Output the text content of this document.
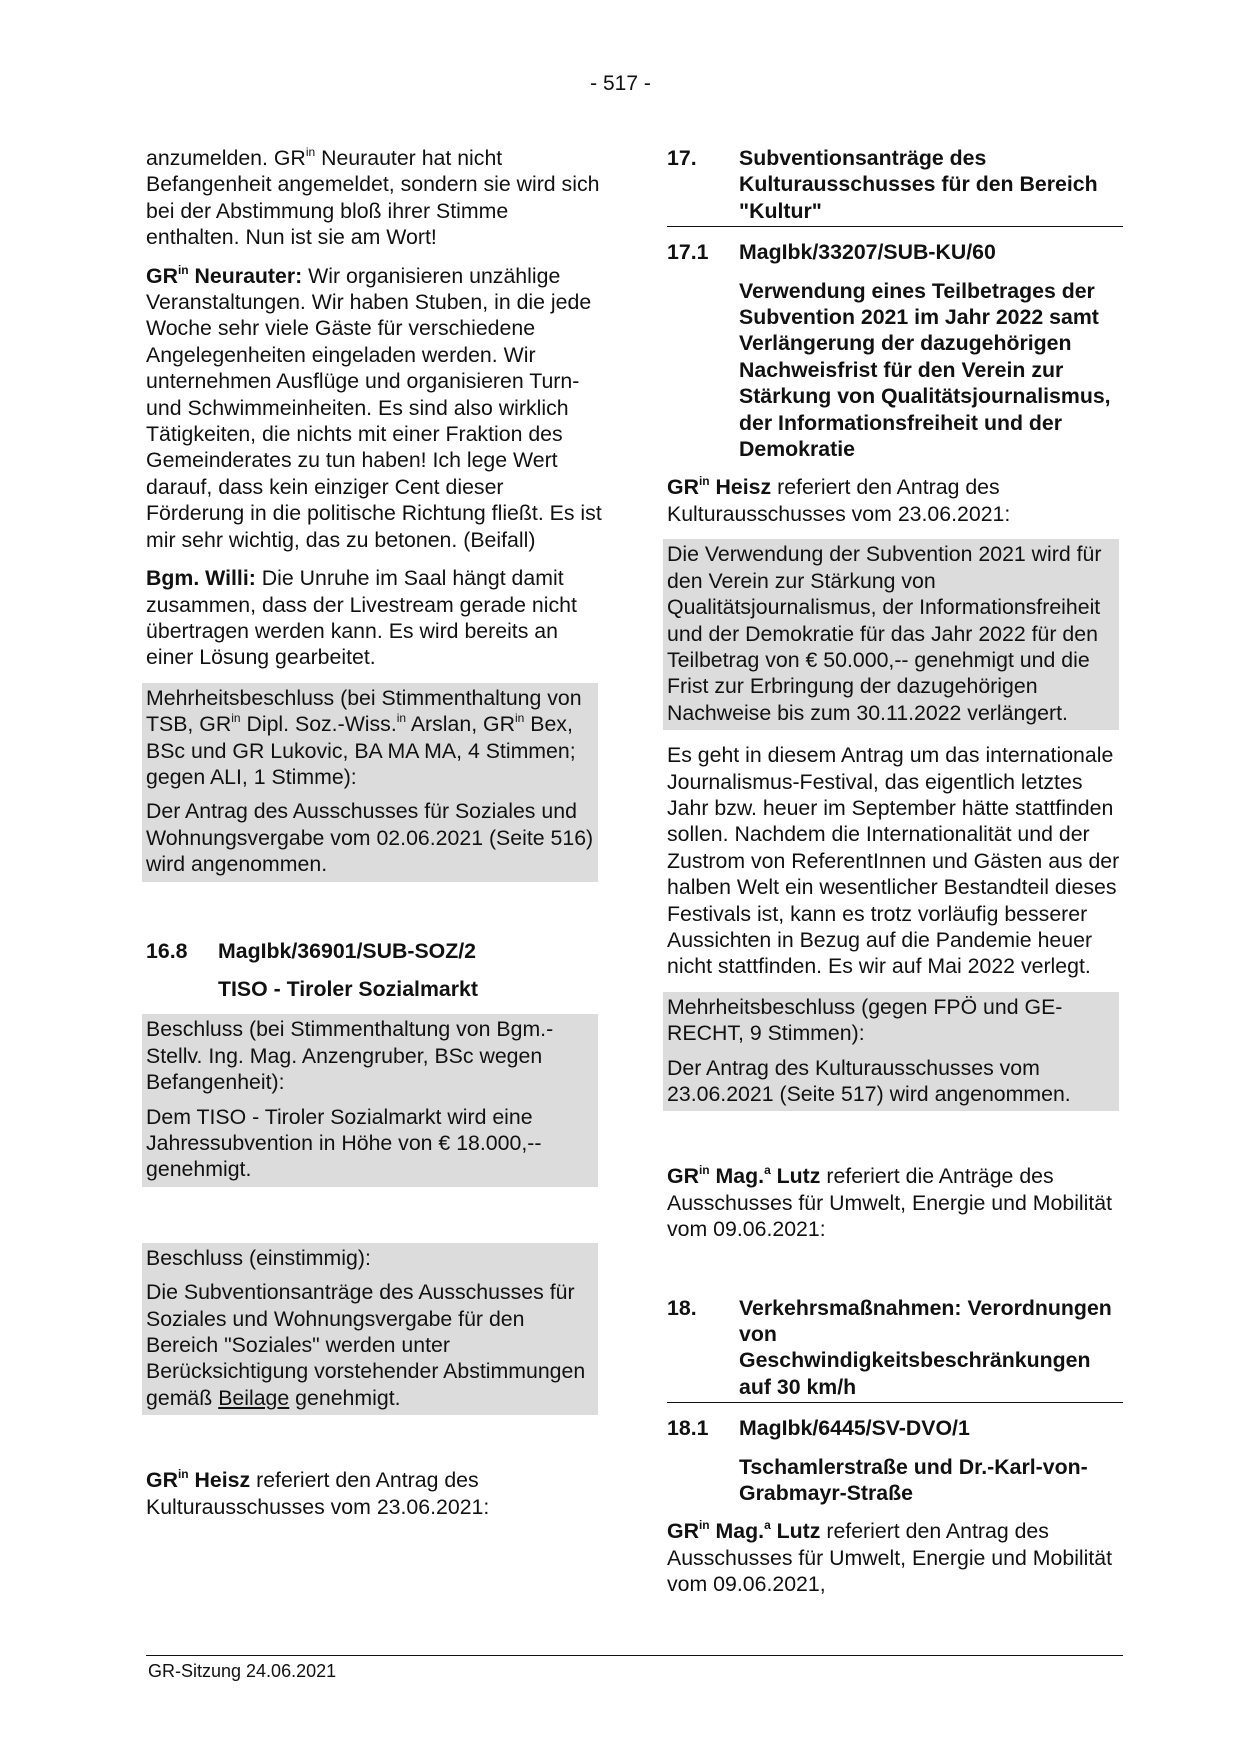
- 517 -

anzumelden. $GR^{in}$ Neurauter hat nicht Befangenheit angemeldet, sondern sie wird sich bei der Abstimmung bloß ihrer Stimme enthalten. Nun ist sie am Wort!

$GR^{in}$ Neurauter: Wir organisieren unzählige Veranstaltungen. Wir haben Stuben, in die jede Woche sehr viele Gäste für verschiedene Angelegenheiten eingeladen werden. Wir unternehmen Ausflüge und organisieren Turn- und Schwimmeinheiten. Es sind also wirklich Tätigkeiten, die nichts mit einer Fraktion des Gemeinderates zu tun haben! Ich lege Wert darauf, dass kein einziger Cent dieser Förderung in die politische Richtung fließt. Es ist mir sehr wichtig, das zu betonen. (Beifall)

Bgm. Willi: Die Unruhe im Saal hängt damit zusammen, dass der Livestream gerade nicht übertragen werden kann. Es wird bereits an einer Lösung gearbeitet.

Mehrheitsbeschluss (bei Stimmenthaltung von TSB, $GR^{in}$ Dipl. Soz.-Wiss.$^{in}$ Arslan, $GR^{in}$ Bex, BSc und GR Lukovic, BA MA MA, 4 Stimmen; gegen ALI, 1 Stimme):

Der Antrag des Ausschusses für Soziales und Wohnungsvergabe vom 02.06.2021 (Seite 516) wird angenommen.

16.8	MagIbk/36901/SUB-SOZ/2

TISO - Tiroler Sozialmarkt

Beschluss (bei Stimmenthaltung von Bgm.-Stellv. Ing. Mag. Anzengruber, BSc wegen Befangenheit):

Dem TISO - Tiroler Sozialmarkt wird eine Jahressubvention in Höhe von € 18.000,-- genehmigt.

Beschluss (einstimmig):

Die Subventionsanträge des Ausschusses für Soziales und Wohnungsvergabe für den Bereich "Soziales" werden unter Berücksichtigung vorstehender Abstimmungen gemäß Beilage genehmigt.

$GR^{in}$ Heisz referiert den Antrag des Kulturausschusses vom 23.06.2021:

17.	Subventionsanträge des Kulturausschusses für den Bereich "Kultur"
17.1	MagIbk/33207/SUB-KU/60

Verwendung eines Teilbetrages der Subvention 2021 im Jahr 2022 samt Verlängerung der dazugehörigen Nachweisfrist für den Verein zur Stärkung von Qualitätsjournalismus, der Informationsfreiheit und der Demokratie

$GR^{in}$ Heisz referiert den Antrag des Kulturausschusses vom 23.06.2021:

Die Verwendung der Subvention 2021 wird für den Verein zur Stärkung von Qualitätsjournalismus, der Informationsfreiheit und der Demokratie für das Jahr 2022 für den Teilbetrag von € 50.000,-- genehmigt und die Frist zur Erbringung der dazugehörigen Nachweise bis zum 30.11.2022 verlängert.

Es geht in diesem Antrag um das internationale Journalismus-Festival, das eigentlich letztes Jahr bzw. heuer im September hätte stattfinden sollen. Nachdem die Internationalität und der Zustrom von ReferentInnen und Gästen aus der halben Welt ein wesentlicher Bestandteil dieses Festivals ist, kann es trotz vorläufig besserer Aussichten in Bezug auf die Pandemie heuer nicht stattfinden. Es wir auf Mai 2022 verlegt.

Mehrheitsbeschluss (gegen FPÖ und GE-RECHT, 9 Stimmen):

Der Antrag des Kulturausschusses vom 23.06.2021 (Seite 517) wird angenommen.

$GR^{in}$ Mag.$^a$ Lutz referiert die Anträge des Ausschusses für Umwelt, Energie und Mobilität vom 09.06.2021:

18.	Verkehrsmaßnahmen: Verordnungen von Geschwindigkeitsbeschränkungen auf 30 km/h
18.1	MagIbk/6445/SV-DVO/1

Tschamlerstraße und Dr.-Karl-von-Grabmayr-Straße

$GR^{in}$ Mag.$^a$ Lutz referiert den Antrag des Ausschusses für Umwelt, Energie und Mobilität vom 09.06.2021,

GR-Sitzung 24.06.2021
